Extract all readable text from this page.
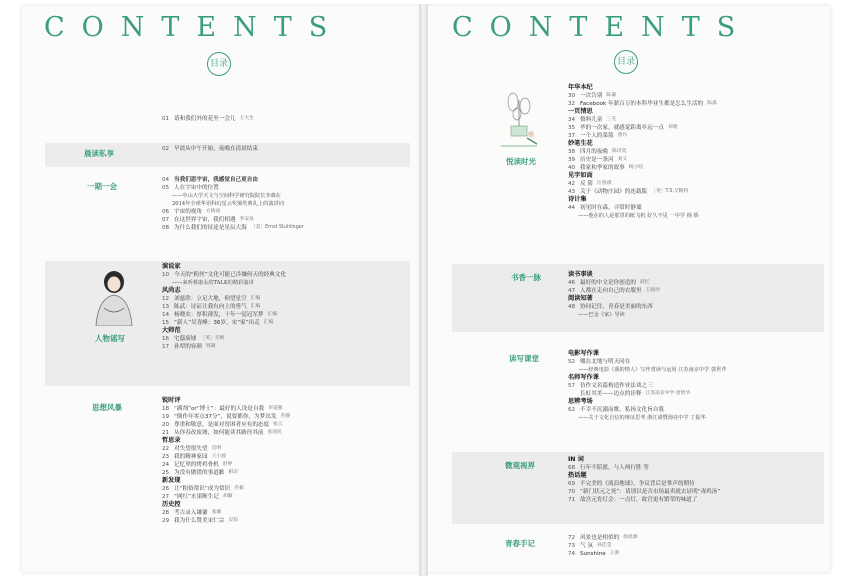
CONTENTS
目录
晨读私享
一期一会
人物谣写
思想风暴
01 请和我们外的花坐一会儿 王大生
02 早晨从中午开始，夜晚在清晨结束
04 当我们思宇宙，我感觉自己更自由
05 人在宇宙中的位置
——中山大学天文与空间科学研究院院长李森在
2014年全球华语科幻星云奖颁奖典礼上的演讲词
06 宇宙的视角 方陵雨
07 在这世界宇宙，我们相遇 李安泉
08 为什么我们的征途是星辰大海 ［美］Ernst Stuhlinger
演说家
10 今天的“粉丝”文化可能已涉嫌何天的经典文化
——来听蔡康永的TALK的精彩演讲
风尚志
12 刘慈欣：立足大地，仰望星空 汇编
13 陈武：诗证让我有向上的勇气 汇编
14 杨晓农：厚积薄发，十年一觉冠军梦 汇编
15 “新人”吴青峰：36岁，宋“家”出走 汇编
大师范
16 宅邸废墟 ［英］毛姆
17 孙犁的容颜 铁凝
锐时评
18 “满剂”or“博士”：最好的人设是自我 李道强
19 “倒作年零点37分”，说要都你，为梦出发 乔静
20 尊重和敬意，是面对贫困者应有的态度 张云
21 从你春改废墟，如何能读其路径其前 张国民
哲思录
22 对失望很失望 启明
23 我的精神家园 王小波
24 记忆里的烤鸡骨机 舒婷
25 为没有做错的事道歉 相识
新发现
26 让“粗俗常识”成为常识 乔毅
27 “网红”水果断生记 胡颖
历史控
28 考吉录入谦谦 张翼
29 我为什么赞美宋仁宗 吴钩
CONTENTS
目录
悦读时光
书香一脉
读写课堂
微观视界
青春手记
年华本纪
30 一次告别 陈谦
32 Facebook 年薪百万的本科毕业生都是怎么生活的 陈淼
一页情思
34 赘料儿童 三毛
35 毕的一次家，就感觉距离乡远一点 刘娟
37 一个人的菜篮 唐丹
妙笔生花
38 四月的夜晚 陈诗奕
39 历史是一条河 刘义
40 我家和季家的故事 杨小咕
见字如面
42 反 简 汪曾祺
43 关于《动物庄园》的连载版 ［英］T.S.艾略特
诗计集
44 初见时在森，寻常时静谧
——他在的人是那里的纸飞机 好久不见 一中学 杨 娇
读书事谈
46 最好的中文是你创造的 薛忆
47 人都在走向自己的衣服里 王晓玲
阅读知著
48 协同记住，青春是美丽的东西
——巴金《家》导读
电影写作课
52 哪在北地与明天同在
——经典电影《我的情人》写作赏读与运用 江苏南京中学 郭世芹
名师写作课
57 仿作文名篇构造作业法谈之三
长虹其美——边点的诠释 江苏南京中学 唐智华
思辨考场
62 不幸不沉溺而歌，私扬文化旨自我
——关于文化自信的辩证思考 浙江诸暨海亮中学 丁振华
IN 词
68 行年不陪愿，与人两行胜 等
热话题
69 不完美的《流浪地球》，争议背后是掌声的期待
70 “新门状元之死”：请别以是否市场最卖就去证明“毒鸡汤”
71 故宫元宵灯会：一点灯，故宫更有繁荣的味道了
72 风景也是相似的 徐思源
73 气 氛 孙佳莹
74 Sunshine 王蕾
